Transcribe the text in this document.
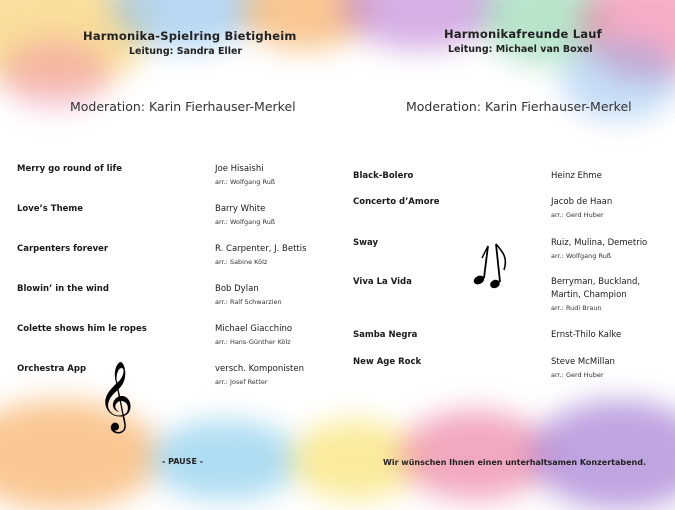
Harmonika-Spielring Bietigheim
Leitung: Sandra Eller
Moderation: Karin Fierhauser-Merkel
Harmonikafreunde Lauf
Leitung: Michael van Boxel
Moderation: Karin Fierhauser-Merkel
Merry go round of life
Love’s Theme
Carpenters forever
Blowin’ in the wind
Colette shows him le ropes
Orchestra App
Joe Hisaishi
arr.: Wolfgang Ruß
Barry White
arr.: Wolfgang Ruß
R. Carpenter, J. Bettis
arr.: Sabine Kölz
Bob Dylan
arr.: Ralf Schwarzien
Michael Giacchino
arr.: Hans-Günther Kölz
versch. Komponisten
arr.: Josef Retter
Black-Bolero
Concerto d’Amore
Sway
Viva La Vida
Samba Negra
New Age Rock
Heinz Ehme
Jacob de Haan
arr.: Gerd Huber
Ruiz, Mulina, Demetrio
arr.: Wolfgang Ruß
Berryman, Buckland, Martin, Champion
arr.: Rudi Braun
Ernst-Thilo Kalke
Steve McMillan
arr.: Gerd Huber
𝄞
- PAUSE -	Wir wünschen Ihnen einen unterhaltsamen Konzertabend.
